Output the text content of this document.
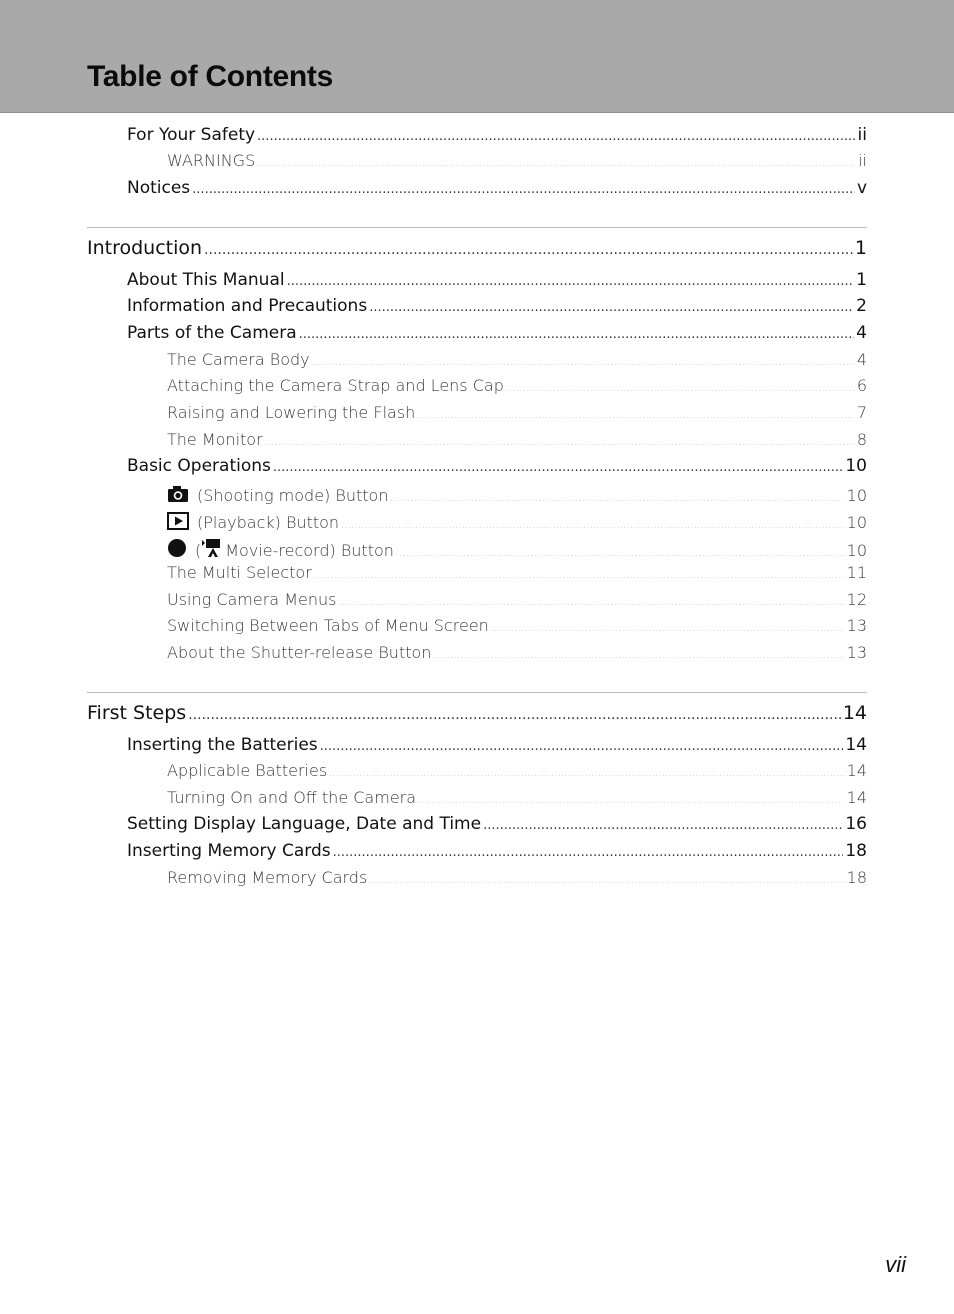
Table of Contents
For Your Safety .....	ii
WARNINGS .....	ii
Notices .....	v
Introduction .....	1
About This Manual .....	1
Information and Precautions .....	2
Parts of the Camera .....	4
The Camera Body .....	4
Attaching the Camera Strap and Lens Cap .....	6
Raising and Lowering the Flash .....	7
The Monitor .....	8
Basic Operations .....	10
(Shooting mode) Button .....	10
(Playback) Button .....	10
( Movie-record) Button .....	10
The Multi Selector .....	11
Using Camera Menus .....	12
Switching Between Tabs of Menu Screen .....	13
About the Shutter-release Button .....	13
First Steps .....	14
Inserting the Batteries .....	14
Applicable Batteries .....	14
Turning On and Off the Camera .....	14
Setting Display Language, Date and Time .....	16
Inserting Memory Cards .....	18
Removing Memory Cards .....	18
vii
